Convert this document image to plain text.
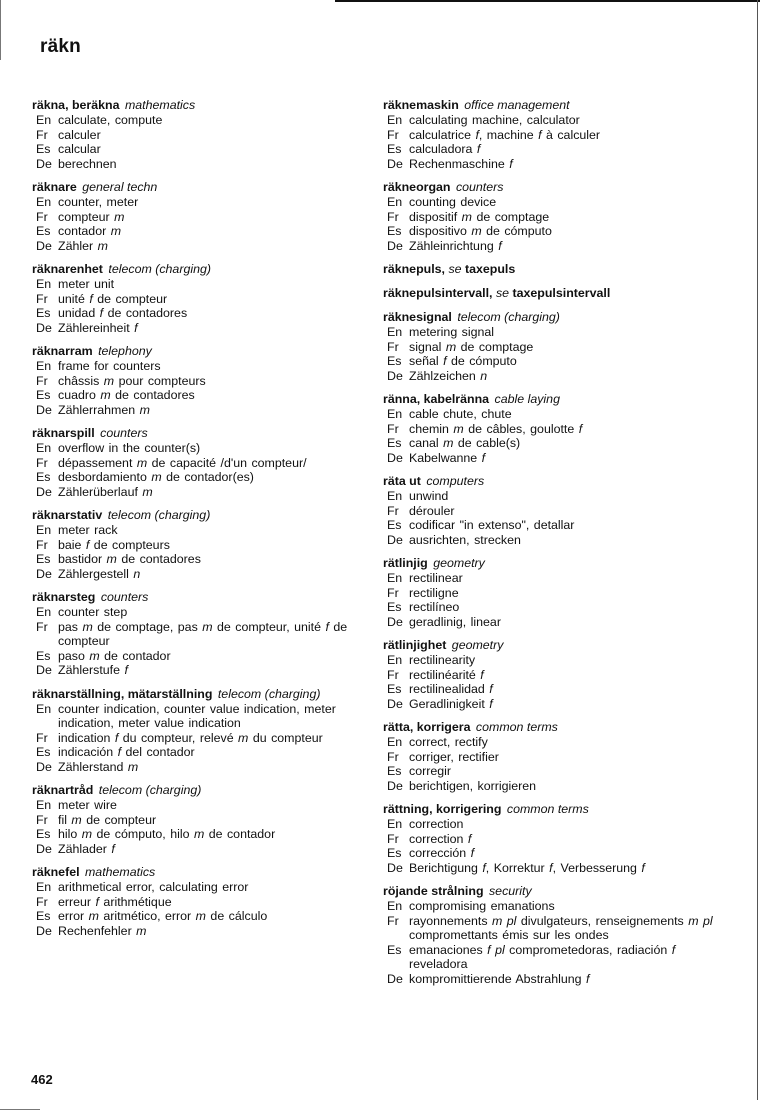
räkn
räkna, beräkna mathematics
En calculate, compute
Fr calculer
Es calcular
De berechnen
räknare general techn
En counter, meter
Fr compteur m
Es contador m
De Zähler m
räknarenhet telecom (charging)
En meter unit
Fr unité f de compteur
Es unidad f de contadores
De Zählereinheit f
räknarram telephony
En frame for counters
Fr châssis m pour compteurs
Es cuadro m de contadores
De Zählerrahmen m
räknarspill counters
En overflow in the counter(s)
Fr dépassement m de capacité /d'un compteur/
Es desbordamiento m de contador(es)
De Zählerüberlauf m
räknarstativ telecom (charging)
En meter rack
Fr baie f de compteurs
Es bastidor m de contadores
De Zählergestell n
räknarsteg counters
En counter step
Fr pas m de comptage, pas m de compteur, unité f de compteur
Es paso m de contador
De Zählerstufe f
räknarställning, mätarställning telecom (charging)
En counter indication, counter value indication, meter indication, meter value indication
Fr indication f du compteur, relevé m du compteur
Es indicación f del contador
De Zählerstand m
räknartråd telecom (charging)
En meter wire
Fr fil m de compteur
Es hilo m de cómputo, hilo m de contador
De Zählader f
räknefel mathematics
En arithmetical error, calculating error
Fr erreur f arithmétique
Es error m aritmético, error m de cálculo
De Rechenfehler m
räknemaskin office management
En calculating machine, calculator
Fr calculatrice f, machine f à calculer
Es calculadora f
De Rechenmaschine f
räkneorgan counters
En counting device
Fr dispositif m de comptage
Es dispositivo m de cómputo
De Zähleinrichtung f
räknepuls, se taxepuls
räknepulsintervall, se taxepulsintervall
räknesignal telecom (charging)
En metering signal
Fr signal m de comptage
Es señal f de cómputo
De Zählzeichen n
ränna, kabelränna cable laying
En cable chute, chute
Fr chemin m de câbles, goulotte f
Es canal m de cable(s)
De Kabelwanne f
räta ut computers
En unwind
Fr dérouler
Es codificar "in extenso", detallar
De ausrichten, strecken
rätlinjig geometry
En rectilinear
Fr rectiligne
Es rectilíneo
De geradlinig, linear
rätlinjighet geometry
En rectilinearity
Fr rectilinéarité f
Es rectilinealidad f
De Geradlinigkeit f
rätta, korrigera common terms
En correct, rectify
Fr corriger, rectifier
Es corregir
De berichtigen, korrigieren
rättning, korrigering common terms
En correction
Fr correction f
Es corrección f
De Berichtigung f, Korrektur f, Verbesserung f
röjande strålning security
En compromising emanations
Fr rayonnements m pl divulgateurs, renseignements m pl compromettants émis sur les ondes
Es emanaciones f pl comprometedoras, radiación f reveladora
De kompromittierende Abstrahlung f
462
